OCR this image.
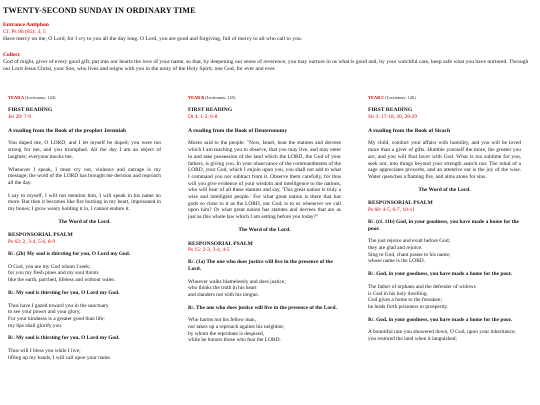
TWENTY-SECOND SUNDAY IN ORDINARY TIME
Entrance Antiphon
Cf. Ps 86 (85): 3, 5
Have mercy on me, O Lord, for I cry to you all the day long. O Lord, you are good and forgiving, full of mercy to all who call to you.
Collect
God of might, giver of every good gift, put into our hearts the love of your name, so that, by deepening our sense of reverence, you may nurture in us what is good and, by your watchful care, keep safe what you have nurtured. Through our Lord Jesus Christ, your Son, who lives and reigns with you in the unity of the Holy Spirit, one God, for ever and ever.
YEAR A (Lectionary: 124)
FIRST READING
Jer 20: 7-9
A reading from the Book of the prophet Jeremiah

You duped me, O LORD, and I let myself be duped; you were too strong for me, and you triumphed. All the day I am an object of laughter; everyone mocks me.

Whenever I speak, I must cry out, violence and outrage is my message; the word of the LORD has brought me derision and reproach all the day.

I say to myself, I will not mention him, I will speak in his name no more. But then it becomes like fire burning in my heart, imprisoned in my bones; I grow weary holding it in, I cannot endure it.

The Word of the Lord.
RESPONSORIAL PSALM
Ps 63: 2, 3-4, 5-6, 8-9
R/. (2b) My soul is thirsting for you, O Lord my God.
O God, you are my God whom I seek;
for you my flesh pines and my soul thirsts
like the earth, parched, lifeless and without water.
R/. My soul is thirsting for you, O Lord my God.
Thus have I gazed toward you in the sanctuary
to see your power and your glory,
For your kindness is a greater good than life;
my lips shall glorify you.
R/. My soul is thirsting for you, O Lord my God.
Thus will I bless you while I live;
lifting up my hands, I will call upon your name.
YEAR B (Lectionary: 125)
FIRST READING
Dt 4: 1-2, 6-8
A reading from the Book of Deuteronomy

Moses said to the people: "Now, Israel, hear the statutes and decrees which I am teaching you to observe, that you may live, and may enter in and take possession of the land which the LORD, the God of your fathers, is giving you. In your observance of the commandments of the LORD, your God, which I enjoin upon you, you shall not add to what I command you nor subtract from it. Observe them carefully, for thus will you give evidence of your wisdom and intelligence to the nations, who will hear of all these statutes and say, 'This great nation is truly a wise and intelligent people.' For what great nation is there that has gods so close to it as the LORD, our God, is to us whenever we call upon him? Or what great nation has statutes and decrees that are as just as this whole law which I am setting before you today?"

The Word of the Lord.
RESPONSORIAL PSALM
Ps 15: 2-3, 3-4, 4-5
R/. (1a) The one who does justice will live in the presence of the Lord.
Whoever walks blamelessly and does justice;
who thinks the truth in his heart
and slanders not with his tongue.
R/. The one who does justice will live in the presence of the Lord.
Who harms not his fellow man,
nor takes up a reproach against his neighbor;
by whom the reprobate is despised,
while he honors those who fear the LORD.
YEAR C (Lectionary: 126)
FIRST READING
Sir 3: 17-18, 20, 28-29
A reading from the Book of Sirach

My child, conduct your affairs with humility, and you will be loved more than a giver of gifts. Humble yourself the more, the greater you are, and you will find favor with God. What is too sublime for you, seek not, into things beyond your strength search not. The mind of a sage appreciates proverbs, and an attentive ear is the joy of the wise. Water quenches a flaming fire, and alms atone for sins.

The Word of the Lord.
RESPONSORIAL PSALM
Ps 68: 4-5, 6-7, 10-11
R/. (cf. 11b) God, in your goodness, you have made a home for the poor.
The just rejoice and exult before God;
they are glad and rejoice.
Sing to God, chant praise to his name;
whose name is the LORD.
R/. God, in your goodness, you have made a home for the poor.
The father of orphans and the defender of widows
is God in his holy dwelling.
God gives a home to the forsaken;
he leads forth prisoners to prosperity.
R/. God, in your goodness, you have made a home for the poor.
A bountiful rain you showered down, O God, upon your inheritance;
you restored the land when it languished;
